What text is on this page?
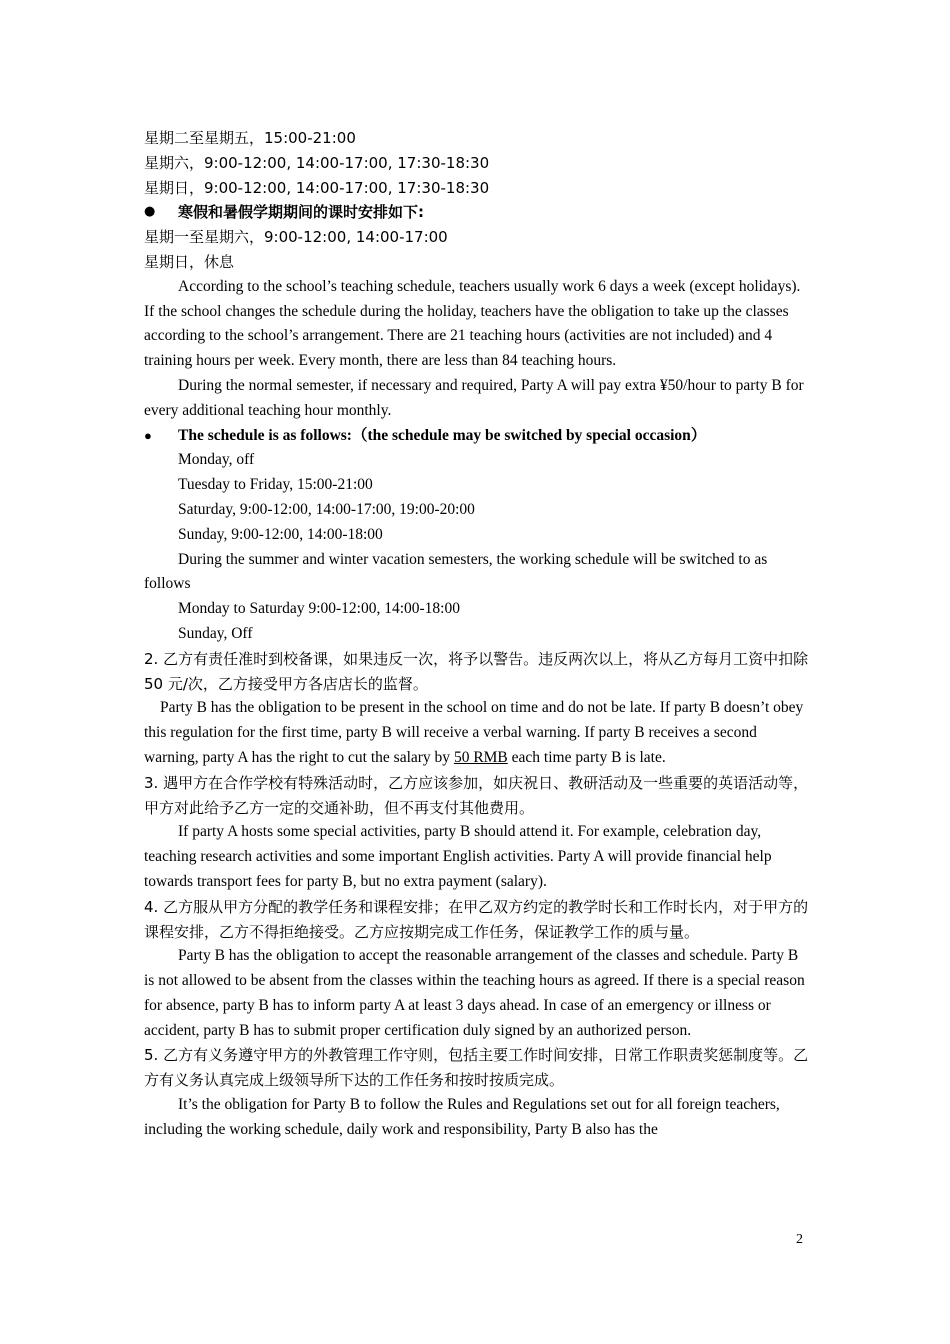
星期二至星期五，15:00-21:00
星期六，9:00-12:00, 14:00-17:00, 17:30-18:30
星期日，9:00-12:00, 14:00-17:00, 17:30-18:30
●	寒假和暑假学期期间的课时安排如下:
星期一至星期六，9:00-12:00, 14:00-17:00
星期日，休息

According to the school’s teaching schedule, teachers usually work 6 days a week (except holidays). If the school changes the schedule during the holiday, teachers have the obligation to take up the classes according to the school’s arrangement. There are 21 teaching hours (activities are not included) and 4 training hours per week. Every month, there are less than 84 teaching hours.

During the normal semester, if necessary and required, Party A will pay extra ¥50/hour to party B for every additional teaching hour monthly.

●	The schedule is as follows:（the schedule may be switched by special occasion）
Monday, off
Tuesday to Friday, 15:00-21:00
Saturday, 9:00-12:00, 14:00-17:00, 19:00-20:00
Sunday, 9:00-12:00, 14:00-18:00

During the summer and winter vacation semesters, the working schedule will be switched to as follows

Monday to Saturday 9:00-12:00, 14:00-18:00
Sunday, Off

2. 乙方有责任准时到校备课，如果违反一次，将予以警告。违反两次以上，将从乙方每月工资中扣除 50 元/次，乙方接受甲方各店店长的监督。

Party B has the obligation to be present in the school on time and do not be late. If party B doesn’t obey this regulation for the first time, party B will receive a verbal warning. If party B receives a second warning, party A has the right to cut the salary by 50 RMB each time party B is late.

3. 遇甲方在合作学校有特殊活动时，乙方应该参加，如庆祝日、教研活动及一些重要的英语活动等，甲方对此给予乙方一定的交通补助，但不再支付其他费用。

If party A hosts some special activities, party B should attend it. For example, celebration day, teaching research activities and some important English activities. Party A will provide financial help towards transport fees for party B, but no extra payment (salary).

4. 乙方服从甲方分配的教学任务和课程安排；在甲乙双方约定的教学时长和工作时长内，对于甲方的课程安排，乙方不得拒绝接受。乙方应按期完成工作任务，保证教学工作的质与量。

Party B has the obligation to accept the reasonable arrangement of the classes and schedule. Party B is not allowed to be absent from the classes within the teaching hours as agreed. If there is a special reason for absence, party B has to inform party A at least 3 days ahead. In case of an emergency or illness or accident, party B has to submit proper certification duly signed by an authorized person.

5. 乙方有义务遵守甲方的外教管理工作守则，包括主要工作时间安排，日常工作职责奖惩制度等。乙方有义务认真完成上级领导所下达的工作任务和按时按质完成。

It’s the obligation for Party B to follow the Rules and Regulations set out for all foreign teachers, including the working schedule, daily work and responsibility, Party B also has the

2
